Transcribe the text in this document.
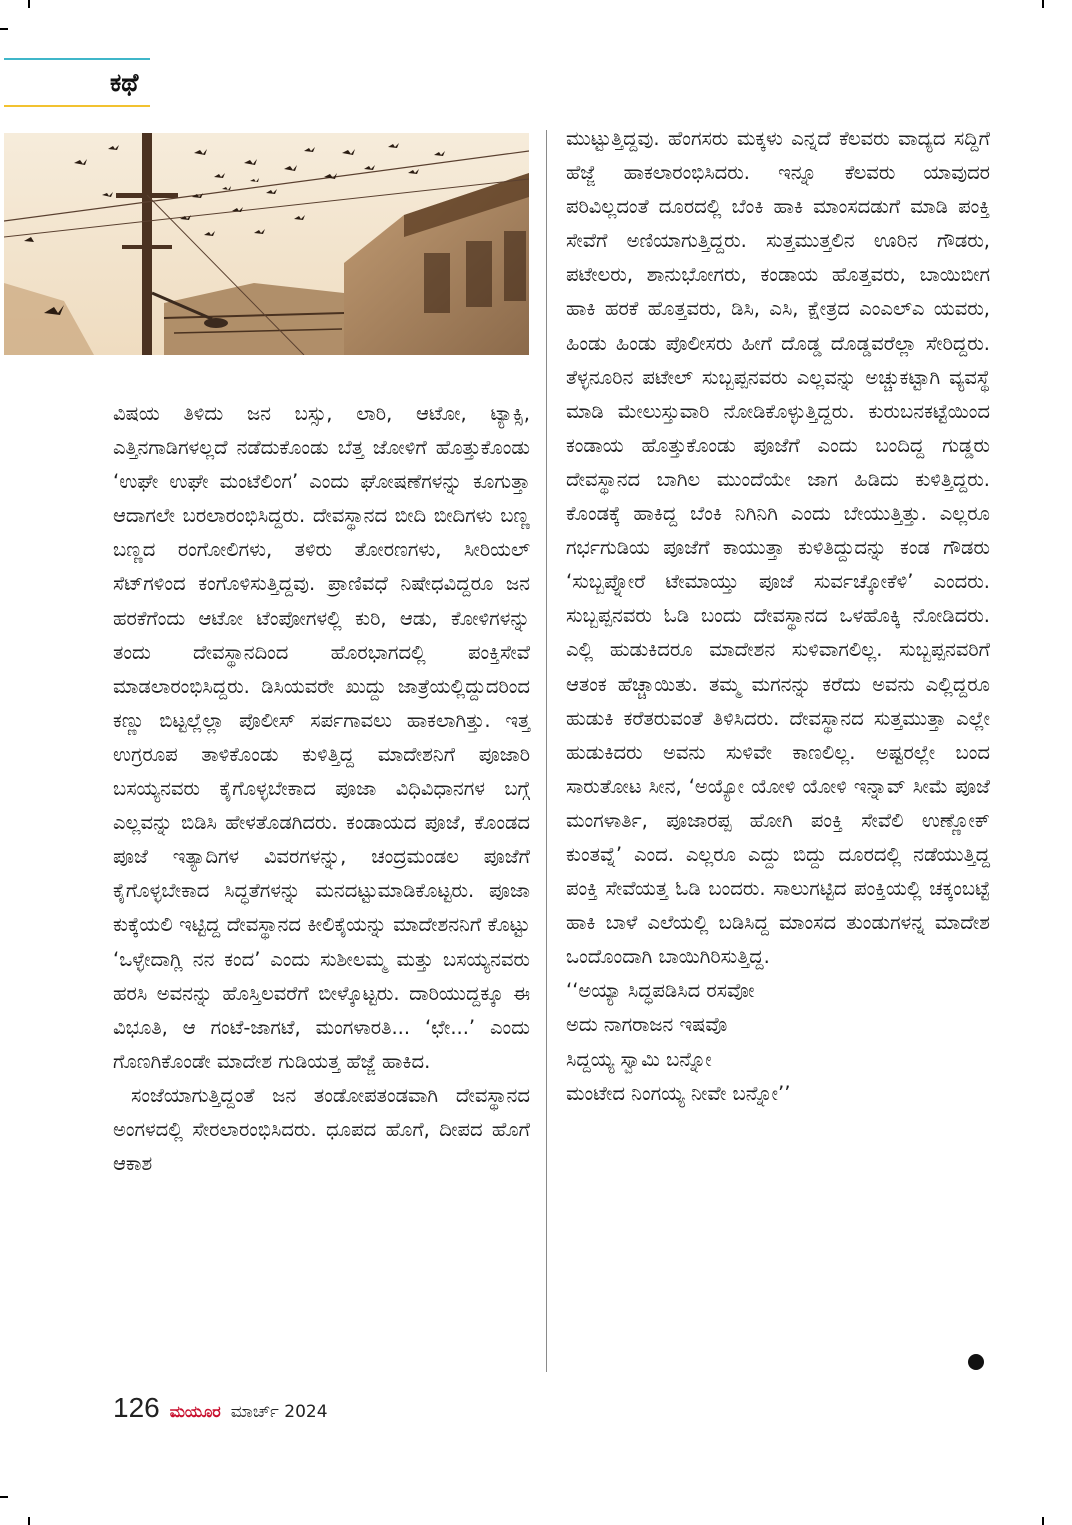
ಕಥೆ

ವಿಷಯ ತಿಳಿದು ಜನ ಬಸ್ಸು, ಲಾರಿ, ಆಟೋ, ಟ್ಯಾಕ್ಸಿ, ಎತ್ತಿನಗಾಡಿಗಳಲ್ಲದೆ ನಡೆದುಕೊಂಡು ಬೆತ್ತ ಜೋಳಿಗೆ ಹೊತ್ತುಕೊಂಡು ‘ಉಘೇ ಉಘೇ ಮಂಟೆಲಿಂಗ’ ಎಂದು ಘೋಷಣೆಗಳನ್ನು ಕೂಗುತ್ತಾ ಆದಾಗಲೇ ಬರಲಾರಂಭಿಸಿದ್ದರು. ದೇವಸ್ಥಾನದ ಬೀದಿ ಬೀದಿಗಳು ಬಣ್ಣ ಬಣ್ಣದ ರಂಗೋಲಿಗಳು, ತಳಿರು ತೋರಣಗಳು, ಸೀರಿಯಲ್ ಸೆಟ್‌ಗಳಿಂದ ಕಂಗೊಳಿಸುತ್ತಿದ್ದವು. ಪ್ರಾಣಿವಧೆ ನಿಷೇಧವಿದ್ದರೂ ಜನ ಹರಕೆಗೆಂದು ಆಟೋ ಟೆಂಪೋಗಳಲ್ಲಿ ಕುರಿ, ಆಡು, ಕೋಳಿಗಳನ್ನು ತಂದು ದೇವಸ್ಥಾನದಿಂದ ಹೊರಭಾಗದಲ್ಲಿ ಪಂಕ್ತಿಸೇವೆ ಮಾಡಲಾರಂಭಿಸಿದ್ದರು. ಡಿಸಿಯವರೇ ಖುದ್ದು ಜಾತ್ರೆಯಲ್ಲಿದ್ದುದರಿಂದ ಕಣ್ಣು ಬಿಟ್ಟಲ್ಲೆಲ್ಲಾ ಪೊಲೀಸ್ ಸರ್ಪಗಾವಲು ಹಾಕಲಾಗಿತ್ತು. ಇತ್ತ ಉಗ್ರರೂಪ ತಾಳಿಕೊಂಡು ಕುಳಿತ್ತಿದ್ದ ಮಾದೇಶನಿಗೆ ಪೂಜಾರಿ ಬಸಯ್ಯನವರು ಕೈಗೊಳ್ಳಬೇಕಾದ ಪೂಜಾ ವಿಧಿವಿಧಾನಗಳ ಬಗ್ಗೆ ಎಲ್ಲವನ್ನು ಬಿಡಿಸಿ ಹೇಳತೊಡಗಿದರು. ಕಂಡಾಯದ ಪೂಜೆ, ಕೊಂಡದ ಪೂಜೆ ಇತ್ಯಾದಿಗಳ ವಿವರಗಳನ್ನು, ಚಂದ್ರಮಂಡಲ ಪೂಜೆಗೆ ಕೈಗೊಳ್ಳಬೇಕಾದ ಸಿದ್ಧತೆಗಳನ್ನು ಮನದಟ್ಟುಮಾಡಿಕೊಟ್ಟರು. ಪೂಜಾ ಕುಕ್ಕೆಯಲಿ ಇಟ್ಟಿದ್ದ ದೇವಸ್ಥಾನದ ಕೀಲಿಕೈಯನ್ನು ಮಾದೇಶನನಿಗೆ ಕೊಟ್ಟು ‘ಒಳ್ಳೇದಾಗ್ಲಿ ನನ ಕಂದ’ ಎಂದು ಸುಶೀಲಮ್ಮ ಮತ್ತು ಬಸಯ್ಯನವರು ಹರಸಿ ಅವನನ್ನು ಹೊಸ್ತಿಲವರೆಗೆ ಬೀಳ್ಕೊಟ್ಟರು. ದಾರಿಯುದ್ದಕ್ಕೂ ಈ ವಿಭೂತಿ, ಆ ಗಂಟೆ-ಜಾಗಟೆ, ಮಂಗಳಾರತಿ... ‘ಛೇ...’ ಎಂದು ಗೊಣಗಿಕೊಂಡೇ ಮಾದೇಶ ಗುಡಿಯತ್ತ ಹೆಜ್ಜೆ ಹಾಕಿದ.

ಸಂಜೆಯಾಗುತ್ತಿದ್ದಂತೆ ಜನ ತಂಡೋಪತಂಡವಾಗಿ ದೇವಸ್ಥಾನದ ಅಂಗಳದಲ್ಲಿ ಸೇರಲಾರಂಭಿಸಿದರು. ಧೂಪದ ಹೊಗೆ, ದೀಪದ ಹೊಗೆ ಆಕಾಶ

ಮುಟ್ಟುತ್ತಿದ್ದವು. ಹೆಂಗಸರು ಮಕ್ಕಳು ಎನ್ನದೆ ಕೆಲವರು ವಾದ್ಯದ ಸದ್ದಿಗೆ ಹೆಜ್ಜೆ ಹಾಕಲಾರಂಭಿಸಿದರು. ಇನ್ನೂ ಕೆಲವರು ಯಾವುದರ ಪರಿವಿಲ್ಲದಂತೆ ದೂರದಲ್ಲಿ ಬೆಂಕಿ ಹಾಕಿ ಮಾಂಸದಡುಗೆ ಮಾಡಿ ಪಂಕ್ತಿ ಸೇವೆಗೆ ಅಣಿಯಾಗುತ್ತಿದ್ದರು. ಸುತ್ತಮುತ್ತಲಿನ ಊರಿನ ಗೌಡರು, ಪಟೇಲರು, ಶಾನುಭೋಗರು, ಕಂಡಾಯ ಹೊತ್ತವರು, ಬಾಯಿಬೀಗ ಹಾಕಿ ಹರಕೆ ಹೊತ್ತವರು, ಡಿಸಿ, ಎಸಿ, ಕ್ಷೇತ್ರದ ಎಂಎಲ್‌ಎ ಯವರು, ಹಿಂಡು ಹಿಂಡು ಪೊಲೀಸರು ಹೀಗೆ ದೊಡ್ಡ ದೊಡ್ಡವರೆಲ್ಲಾ ಸೇರಿದ್ದರು. ತೆಳ್ಳನೂರಿನ ಪಟೇಲ್ ಸುಬ್ಬಪ್ಪನವರು ಎಲ್ಲವನ್ನು ಅಚ್ಚುಕಟ್ಟಾಗಿ ವ್ಯವಸ್ಥೆ ಮಾಡಿ ಮೇಲುಸ್ತುವಾರಿ ನೋಡಿಕೊಳ್ಳುತ್ತಿದ್ದರು. ಕುರುಬನಕಟ್ಟೆಯಿಂದ ಕಂಡಾಯ ಹೊತ್ತುಕೊಂಡು ಪೂಜೆಗೆ ಎಂದು ಬಂದಿದ್ದ ಗುಡ್ಡರು ದೇವಸ್ಥಾನದ ಬಾಗಿಲ ಮುಂದೆಯೇ ಜಾಗ ಹಿಡಿದು ಕುಳಿತ್ತಿದ್ದರು. ಕೊಂಡಕ್ಕೆ ಹಾಕಿದ್ದ ಬೆಂಕಿ ನಿಗಿನಿಗಿ ಎಂದು ಬೇಯುತ್ತಿತ್ತು. ಎಲ್ಲರೂ ಗರ್ಭಗುಡಿಯ ಪೂಜೆಗೆ ಕಾಯುತ್ತಾ ಕುಳಿತಿದ್ದುದನ್ನು ಕಂಡ ಗೌಡರು ‘ಸುಬ್ಬಪ್ನೋರೆ ಟೇಮಾಯ್ತು ಪೂಜೆ ಸುರ್ವಚ್ಕೋಕೆಳಿ’ ಎಂದರು. ಸುಬ್ಬಪ್ಪನವರು ಓಡಿ ಬಂದು ದೇವಸ್ಥಾನದ ಒಳಹೊಕ್ಕಿ ನೋಡಿದರು. ಎಲ್ಲಿ ಹುಡುಕಿದರೂ ಮಾದೇಶನ ಸುಳಿವಾಗಲಿಲ್ಲ. ಸುಬ್ಬಪ್ಪನವರಿಗೆ ಆತಂಕ ಹೆಚ್ಚಾಯಿತು. ತಮ್ಮ ಮಗನನ್ನು ಕರೆದು ಅವನು ಎಲ್ಲಿದ್ದರೂ ಹುಡುಕಿ ಕರೆತರುವಂತೆ ತಿಳಿಸಿದರು. ದೇವಸ್ಥಾನದ ಸುತ್ತಮುತ್ತಾ ಎಲ್ಲೇ ಹುಡುಕಿದರು ಅವನು ಸುಳಿವೇ ಕಾಣಲಿಲ್ಲ. ಅಷ್ಟರಲ್ಲೇ ಬಂದ ಸಾರುತೋಟ ಸೀನ, ‘ಅಯ್ಯೋ ಯೋಳಿ ಯೋಳಿ ಇನ್ನಾವ್ ಸೀಮೆ ಪೂಜೆ ಮಂಗಳಾರ್ತಿ, ಪೂಜಾರಪ್ಪ ಹೋಗಿ ಪಂಕ್ತಿ ಸೇವೆಲಿ ಉಣ್ಣೋಕ್ ಕುಂತವ್ನೆ’ ಎಂದ. ಎಲ್ಲರೂ ಎದ್ದು ಬಿದ್ದು ದೂರದಲ್ಲಿ ನಡೆಯುತ್ತಿದ್ದ ಪಂಕ್ತಿ ಸೇವೆಯತ್ತ ಓಡಿ ಬಂದರು. ಸಾಲುಗಟ್ಟಿದ ಪಂಕ್ತಿಯಲ್ಲಿ ಚಕ್ಕಂಬಟ್ಟೆ ಹಾಕಿ ಬಾಳೆ ಎಲೆಯಲ್ಲಿ ಬಡಿಸಿದ್ದ ಮಾಂಸದ ತುಂಡುಗಳನ್ನ ಮಾದೇಶ ಒಂದೊಂದಾಗಿ ಬಾಯಿಗಿರಿಸುತ್ತಿದ್ದ.

‘‘ಅಯ್ಯಾ ಸಿದ್ಧಪಡಿಸಿದ ರಸವೋ
ಅದು ನಾಗರಾಜನ ಇಷವೊ
ಸಿದ್ದಯ್ಯ ಸ್ವಾಮಿ ಬನ್ನೋ
ಮಂಟೇದ ನಿಂಗಯ್ಯ ನೀವೇ ಬನ್ನೋ’’
126 ಮಯೂರ ಮಾರ್ಚ್ 2024
